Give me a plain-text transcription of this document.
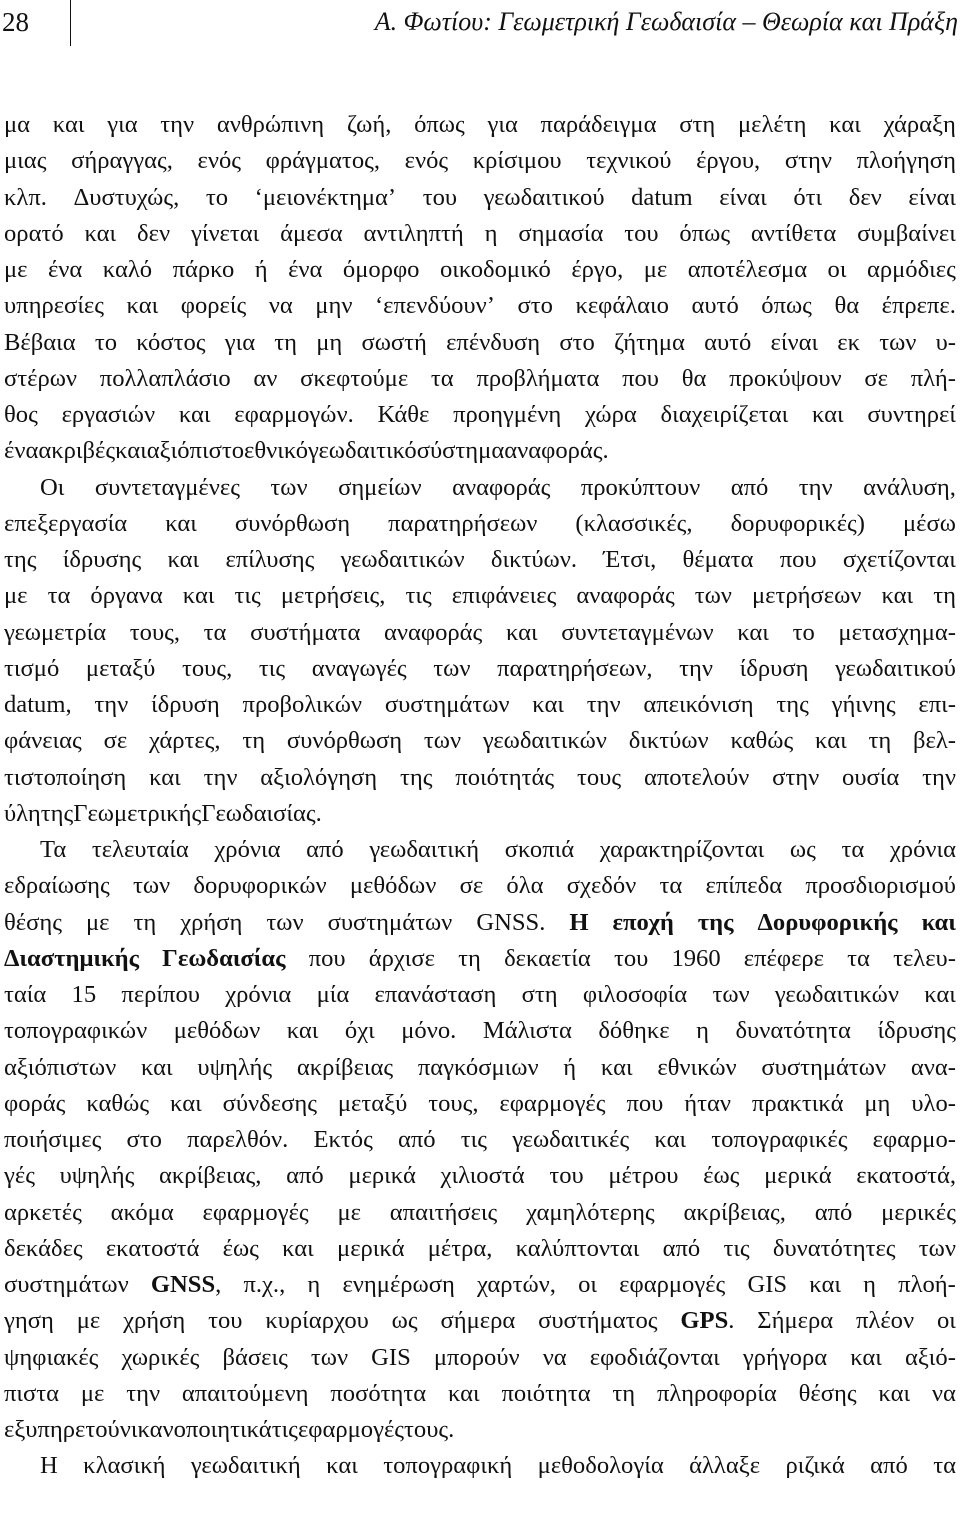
28	Α. Φωτίου: Γεωμετρική Γεωδαισία – Θεωρία και Πράξη
μα και για την ανθρώπινη ζωή, όπως για παράδειγμα στη μελέτη και χάραξη
μιας σήραγγας, ενός φράγματος, ενός κρίσιμου τεχνικού έργου, στην πλοήγηση
κλπ. Δυστυχώς, το ‘μειονέκτημα’ του γεωδαιτικού datum είναι ότι δεν είναι
ορατό και δεν γίνεται άμεσα αντιληπτή η σημασία του όπως αντίθετα συμβαίνει
με ένα καλό πάρκο ή ένα όμορφο οικοδομικό έργο, με αποτέλεσμα οι αρμόδιες
υπηρεσίες και φορείς να μην ‘επενδύουν’ στο κεφάλαιο αυτό όπως θα έπρεπε.
Βέβαια το κόστος για τη μη σωστή επένδυση στο ζήτημα αυτό είναι εκ των υ-
στέρων πολλαπλάσιο αν σκεφτούμε τα προβλήματα που θα προκύψουν σε πλή-
θος εργασιών και εφαρμογών. Κάθε προηγμένη χώρα διαχειρίζεται και συντηρεί
ένα ακριβές και αξιόπιστο εθνικό γεωδαιτικό σύστημα αναφοράς.
Οι συντεταγμένες των σημείων αναφοράς προκύπτουν από την ανάλυση,
επεξεργασία και συνόρθωση παρατηρήσεων (κλασσικές, δορυφορικές) μέσω
της ίδρυσης και επίλυσης γεωδαιτικών δικτύων. Έτσι, θέματα που σχετίζονται
με τα όργανα και τις μετρήσεις, τις επιφάνειες αναφοράς των μετρήσεων και τη
γεωμετρία τους, τα συστήματα αναφοράς και συντεταγμένων και το μετασχημα-
τισμό μεταξύ τους, τις αναγωγές των παρατηρήσεων, την ίδρυση γεωδαιτικού
datum, την ίδρυση προβολικών συστημάτων και την απεικόνιση της γήινης επι-
φάνειας σε χάρτες, τη συνόρθωση των γεωδαιτικών δικτύων καθώς και τη βελ-
τιστοποίηση και την αξιολόγηση της ποιότητάς τους αποτελούν στην ουσία την
ύλη της Γεωμετρικής Γεωδαισίας.
Τα τελευταία χρόνια από γεωδαιτική σκοπιά χαρακτηρίζονται ως τα χρόνια
εδραίωσης των δορυφορικών μεθόδων σε όλα σχεδόν τα επίπεδα προσδιορισμού
θέσης με τη χρήση των συστημάτων GNSS. Η εποχή της Δορυφορικής και
Διαστημικής Γεωδαισίας που άρχισε τη δεκαετία του 1960 επέφερε τα τελευ-
ταία 15 περίπου χρόνια μία επανάσταση στη φιλοσοφία των γεωδαιτικών και
τοπογραφικών μεθόδων και όχι μόνο. Μάλιστα δόθηκε η δυνατότητα ίδρυσης
αξιόπιστων και υψηλής ακρίβειας παγκόσμιων ή και εθνικών συστημάτων ανα-
φοράς καθώς και σύνδεσης μεταξύ τους, εφαρμογές που ήταν πρακτικά μη υλο-
ποιήσιμες στο παρελθόν. Εκτός από τις γεωδαιτικές και τοπογραφικές εφαρμο-
γές υψηλής ακρίβειας, από μερικά χιλιοστά του μέτρου έως μερικά εκατοστά,
αρκετές ακόμα εφαρμογές με απαιτήσεις χαμηλότερης ακρίβειας, από μερικές
δεκάδες εκατοστά έως και μερικά μέτρα, καλύπτονται από τις δυνατότητες των
συστημάτων GNSS, π.χ., η ενημέρωση χαρτών, οι εφαρμογές GIS και η πλοή-
γηση με χρήση του κυρίαρχου ως σήμερα συστήματος GPS. Σήμερα πλέον οι
ψηφιακές χωρικές βάσεις των GIS μπορούν να εφοδιάζονται γρήγορα και αξιό-
πιστα με την απαιτούμενη ποσότητα και ποιότητα τη πληροφορία θέσης και να
εξυπηρετούν ικανοποιητικά τις εφαρμογές τους.
Η κλασική γεωδαιτική και τοπογραφική μεθοδολογία άλλαξε ριζικά από τα
